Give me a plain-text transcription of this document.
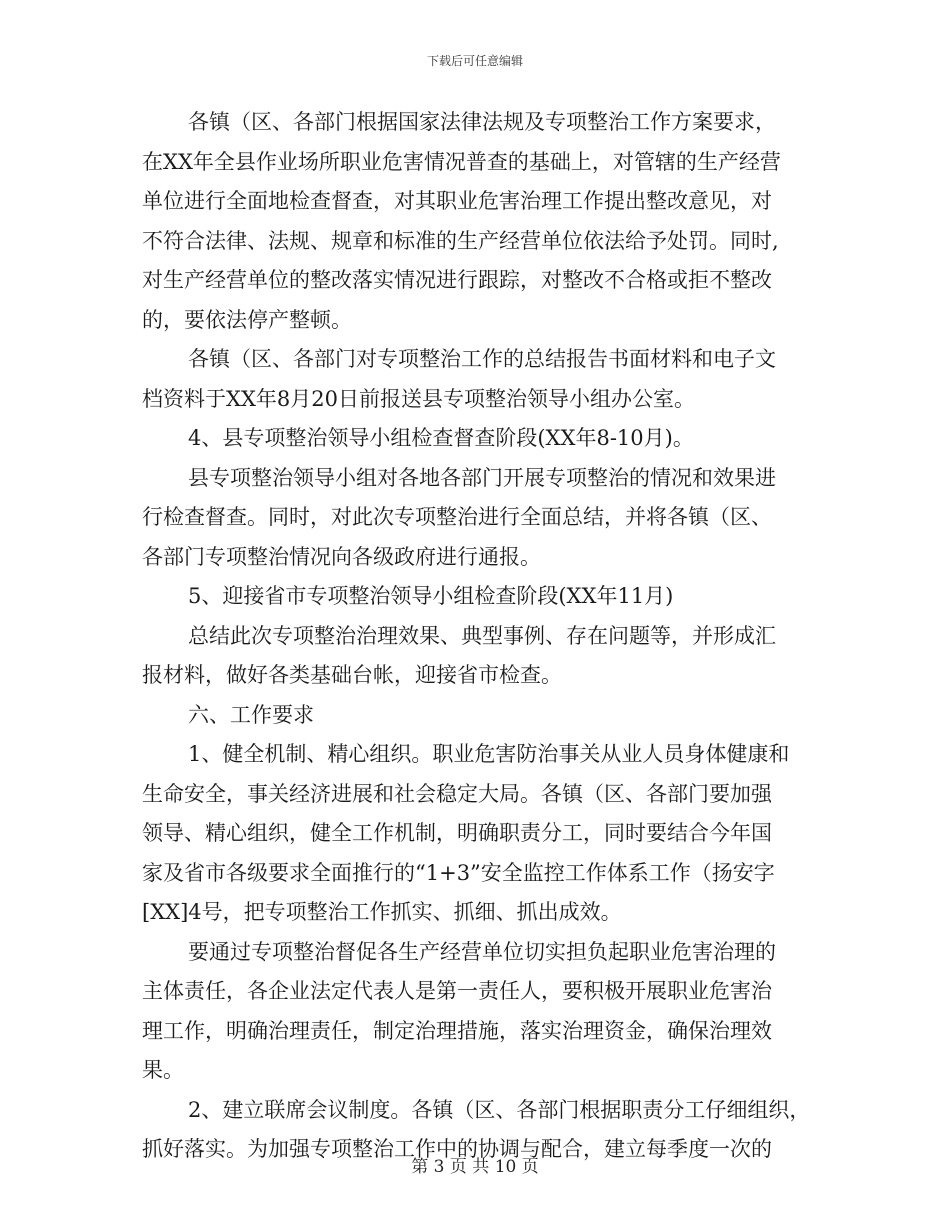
下载后可任意编辑
各镇（区、各部门根据国家法律法规及专项整治工作方案要求，
在XX年全县作业场所职业危害情况普查的基础上，对管辖的生产经营
单位进行全面地检查督查，对其职业危害治理工作提出整改意见，对
不符合法律、法规、规章和标准的生产经营单位依法给予处罚。同时,
对生产经营单位的整改落实情况进行跟踪，对整改不合格或拒不整改
的，要依法停产整顿。
各镇（区、各部门对专项整治工作的总结报告书面材料和电子文
档资料于XX年8月20日前报送县专项整治领导小组办公室。
4、县专项整治领导小组检查督查阶段(XX年8-10月)。
县专项整治领导小组对各地各部门开展专项整治的情况和效果进
行检查督查。同时，对此次专项整治进行全面总结，并将各镇（区、
各部门专项整治情况向各级政府进行通报。
5、迎接省市专项整治领导小组检查阶段(XX年11月)
总结此次专项整治治理效果、典型事例、存在问题等，并形成汇
报材料，做好各类基础台帐，迎接省市检查。
六、工作要求
1、健全机制、精心组织。职业危害防治事关从业人员身体健康和
生命安全，事关经济进展和社会稳定大局。各镇（区、各部门要加强
领导、精心组织，健全工作机制，明确职责分工，同时要结合今年国
家及省市各级要求全面推行的“1+3”安全监控工作体系工作（扬安字
[XX]4号，把专项整治工作抓实、抓细、抓出成效。
要通过专项整治督促各生产经营单位切实担负起职业危害治理的
主体责任，各企业法定代表人是第一责任人，要积极开展职业危害治
理工作，明确治理责任，制定治理措施，落实治理资金，确保治理效
果。
2、建立联席会议制度。各镇（区、各部门根据职责分工仔细组织，
抓好落实。为加强专项整治工作中的协调与配合，建立每季度一次的
第 3 页 共 10 页
